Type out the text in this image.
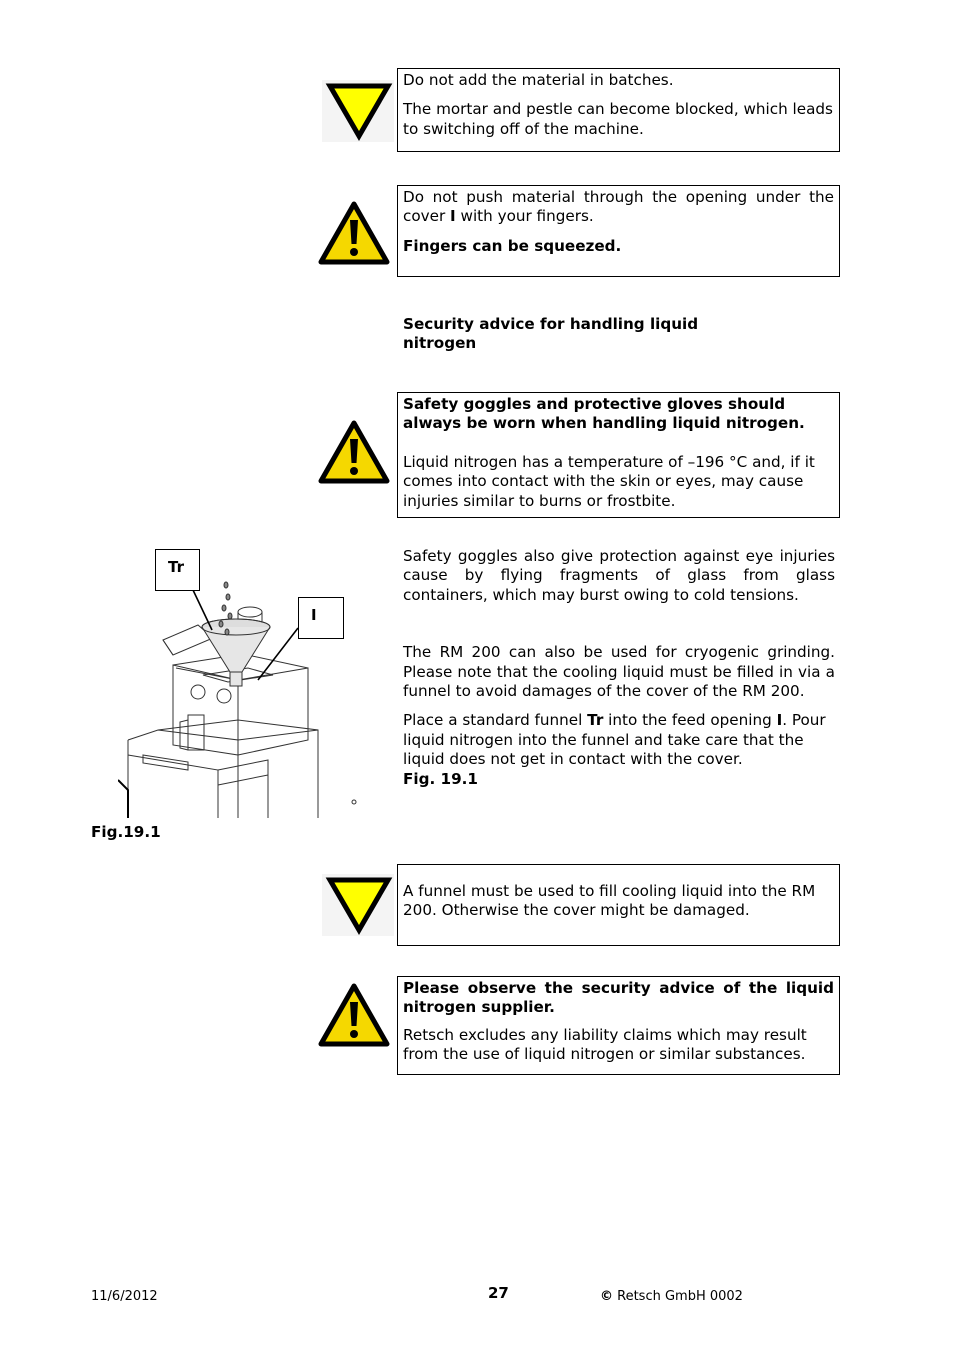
Do not add the material in batches.

The mortar and pestle can become blocked, which leads to switching off of the machine.

Do not push material through the opening under the cover I with your fingers.

Fingers can be squeezed.

Security advice for handling liquid nitrogen

Safety goggles and protective gloves should always be worn when handling liquid nitrogen.

Liquid nitrogen has a temperature of –196 °C and, if it comes into contact with the skin or eyes, may cause injuries similar to burns or frostbite.

Tr
I
Fig.19.1

Safety goggles also give protection against eye injuries cause by flying fragments of glass from glass containers, which may burst owing to cold tensions.

The RM 200 can also be used for cryogenic grinding. Please note that the cooling liquid must be filled in via a funnel to avoid damages of the cover of the RM 200.

Place a standard funnel Tr into the feed opening I. Pour liquid nitrogen into the funnel and take care that the liquid does not get in contact with the cover.
Fig. 19.1

A funnel must be used to fill cooling liquid into the RM 200. Otherwise the cover might be damaged.

Please observe the security advice of the liquid nitrogen supplier.

Retsch excludes any liability claims which may result from the use of liquid nitrogen or similar substances.

11/6/2012	27	© Retsch GmbH 0002
